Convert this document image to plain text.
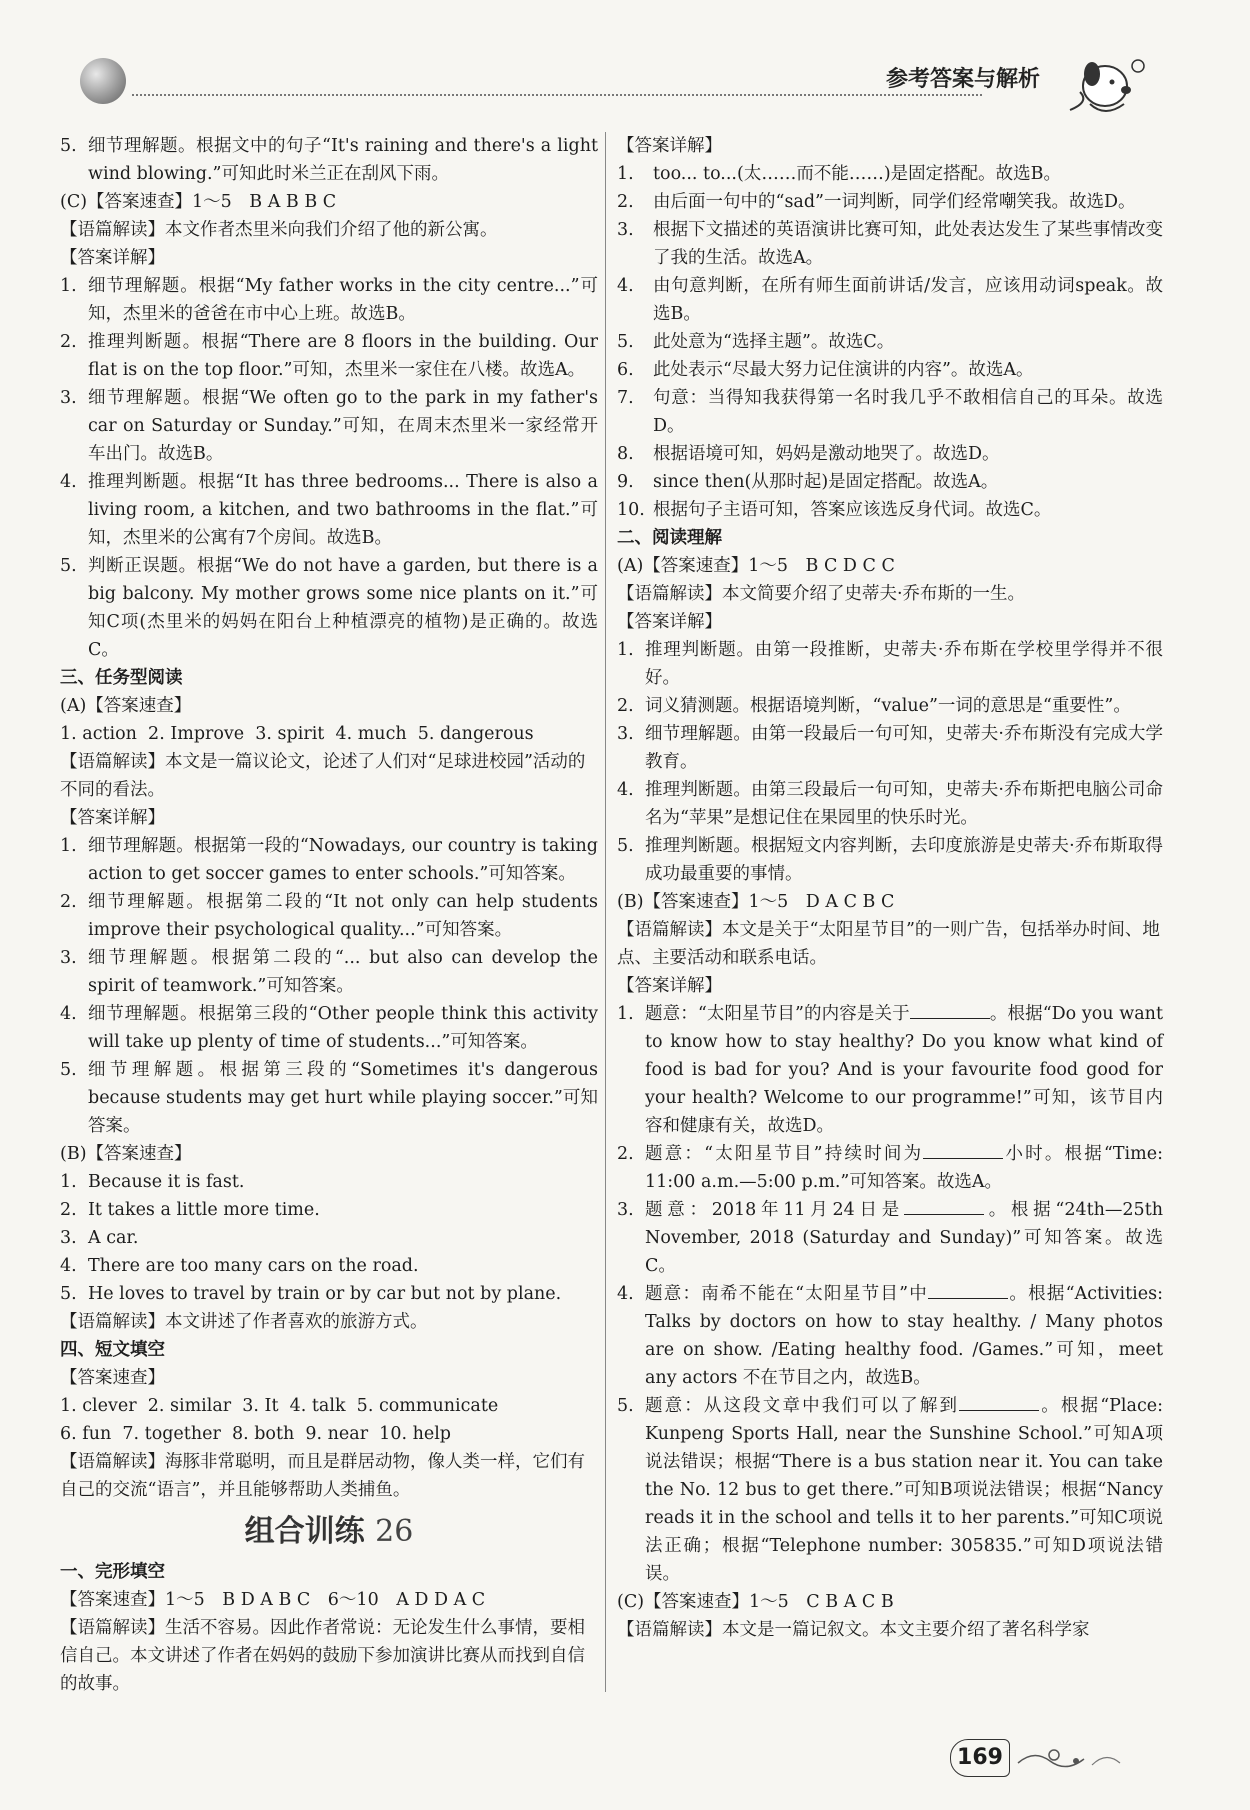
参考答案与解析
5. 细节理解题。根据文中的句子“It's raining and there's a light wind blowing.”可知此时米兰正在刮风下雨。

(C)【答案速查】1～5　B A B B C

【语篇解读】本文作者杰里米向我们介绍了他的新公寓。

【答案详解】

1. 细节理解题。根据“My father works in the city centre...”可知，杰里米的爸爸在市中心上班。故选B。
2. 推理判断题。根据“There are 8 floors in the building. Our flat is on the top floor.”可知，杰里米一家住在八楼。故选A。
3. 细节理解题。根据“We often go to the park in my father's car on Saturday or Sunday.”可知，在周末杰里米一家经常开车出门。故选B。
4. 推理判断题。根据“It has three bedrooms... There is also a living room, a kitchen, and two bathrooms in the flat.”可知，杰里米的公寓有7个房间。故选B。
5. 判断正误题。根据“We do not have a garden, but there is a big balcony. My mother grows some nice plants on it.”可知C项(杰里米的妈妈在阳台上种植漂亮的植物)是正确的。故选C。

三、任务型阅读

(A)【答案速查】

1. action  2. Improve  3. spirit  4. much  5. dangerous

【语篇解读】本文是一篇议论文，论述了人们对“足球进校园”活动的不同的看法。

【答案详解】

1. 细节理解题。根据第一段的“Nowadays, our country is taking action to get soccer games to enter schools.”可知答案。
2. 细节理解题。根据第二段的“It not only can help students improve their psychological quality...”可知答案。
3. 细节理解题。根据第二段的“... but also can develop the spirit of teamwork.”可知答案。
4. 细节理解题。根据第三段的“Other people think this activity will take up plenty of time of students...”可知答案。
5. 细节理解题。根据第三段的“Sometimes it's dangerous because students may get hurt while playing soccer.”可知答案。

(B)【答案速查】

1. Because it is fast.
2. It takes a little more time.
3. A car.
4. There are too many cars on the road.
5. He loves to travel by train or by car but not by plane.

【语篇解读】本文讲述了作者喜欢的旅游方式。

四、短文填空

【答案速查】

1. clever  2. similar  3. It  4. talk  5. communicate

6. fun  7. together  8. both  9. near  10. help

【语篇解读】海豚非常聪明，而且是群居动物，像人类一样，它们有自己的交流“语言”，并且能够帮助人类捕鱼。

组合训练 26

一、完形填空

【答案速查】1～5　B D A B C　6～10　A D D A C

【语篇解读】生活不容易。因此作者常说：无论发生什么事情，要相信自己。本文讲述了作者在妈妈的鼓励下参加演讲比赛从而找到自信的故事。

【答案详解】

1.	too... to...(太……而不能……)是固定搭配。故选B。
2.	由后面一句中的“sad”一词判断，同学们经常嘲笑我。故选D。
3.	根据下文描述的英语演讲比赛可知，此处表达发生了某些事情改变了我的生活。故选A。
4.	由句意判断，在所有师生面前讲话/发言，应该用动词speak。故选B。
5.	此处意为“选择主题”。故选C。
6.	此处表示“尽最大努力记住演讲的内容”。故选A。
7.	句意：当得知我获得第一名时我几乎不敢相信自己的耳朵。故选D。
8.	根据语境可知，妈妈是激动地哭了。故选D。
9.	since then(从那时起)是固定搭配。故选A。
10. 根据句子主语可知，答案应该选反身代词。故选C。

二、阅读理解

(A)【答案速查】1～5　B C D C C

【语篇解读】本文简要介绍了史蒂夫·乔布斯的一生。

【答案详解】

1. 推理判断题。由第一段推断，史蒂夫·乔布斯在学校里学得并不很好。
2. 词义猜测题。根据语境判断，“value”一词的意思是“重要性”。
3. 细节理解题。由第一段最后一句可知，史蒂夫·乔布斯没有完成大学教育。
4. 推理判断题。由第三段最后一句可知，史蒂夫·乔布斯把电脑公司命名为“苹果”是想记住在果园里的快乐时光。
5. 推理判断题。根据短文内容判断，去印度旅游是史蒂夫·乔布斯取得成功最重要的事情。

(B)【答案速查】1～5　D A C B C

【语篇解读】本文是关于“太阳星节目”的一则广告，包括举办时间、地点、主要活动和联系电话。

【答案详解】

1. 题意：“太阳星节目”的内容是关于	。根据“Do you want to know how to stay healthy? Do you know what kind of food is bad for you? And is your favourite food good for your health? Welcome to our programme!”可知，该节目内容和健康有关，故选D。
2. 题意：“太阳星节目”持续时间为	小时。根据“Time: 11:00 a.m.—5:00 p.m.”可知答案。故选A。
3. 题意：2018年11月24日是	。根据“24th—25th November, 2018 (Saturday and Sunday)”可知答案。故选C。
4. 题意：南希不能在“太阳星节目”中	。根据“Activities: Talks by doctors on how to stay healthy. / Many photos are on show. /Eating healthy food. /Games.”可知，meet any actors 不在节目之内，故选B。
5. 题意：从这段文章中我们可以了解到	。根据“Place: Kunpeng Sports Hall, near the Sunshine School.”可知A项说法错误；根据“There is a bus station near it. You can take the No. 12 bus to get there.”可知B项说法错误；根据“Nancy reads it in the school and tells it to her parents.”可知C项说法正确；根据“Telephone number: 305835.”可知D项说法错误。

(C)【答案速查】1～5　C B A C B

【语篇解读】本文是一篇记叙文。本文主要介绍了著名科学家

169
